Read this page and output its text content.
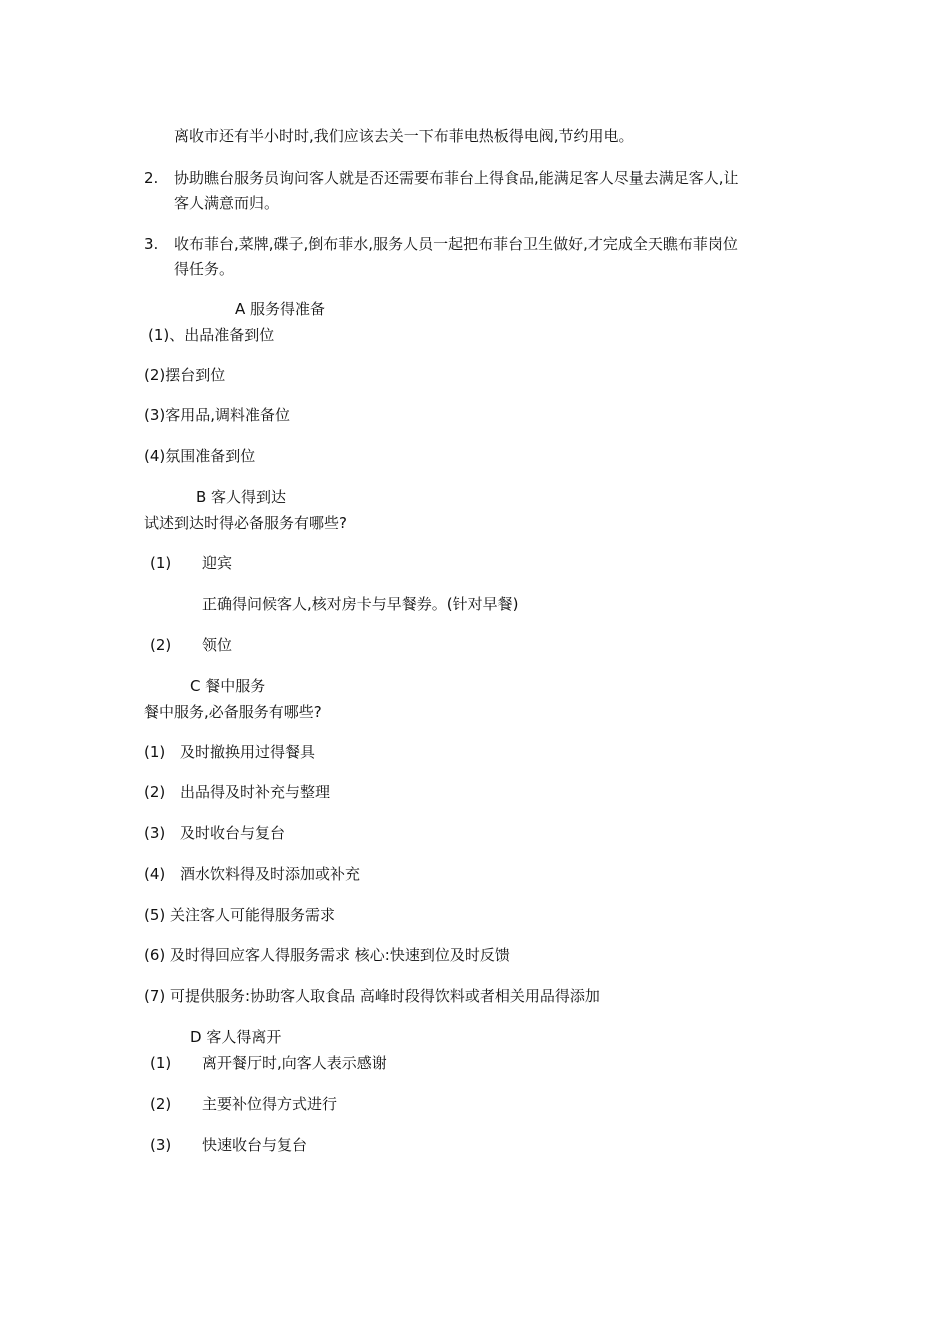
离收市还有半小时时,我们应该去关一下布菲电热板得电阀,节约用电。
2. 协助瞧台服务员询问客人就是否还需要布菲台上得食品,能满足客人尽量去满足客人,让
客人满意而归。
3. 收布菲台,菜牌,碟子,倒布菲水,服务人员一起把布菲台卫生做好,才完成全天瞧布菲岗位
得任务。
A 服务得准备
(1)、出品准备到位
(2)摆台到位
(3)客用品,调料准备位
(4)氛围准备到位
B 客人得到达
试述到达时得必备服务有哪些?
(1) 迎宾
正确得问候客人,核对房卡与早餐券。(针对早餐)
(2) 领位
C 餐中服务
餐中服务,必备服务有哪些?
(1) 及时撤换用过得餐具
(2) 出品得及时补充与整理
(3) 及时收台与复台
(4) 酒水饮料得及时添加或补充
(5) 关注客人可能得服务需求
(6) 及时得回应客人得服务需求 核心:快速到位及时反馈
(7) 可提供服务:协助客人取食品 高峰时段得饮料或者相关用品得添加
D 客人得离开
(1) 离开餐厅时,向客人表示感谢
(2) 主要补位得方式进行
(3) 快速收台与复台
